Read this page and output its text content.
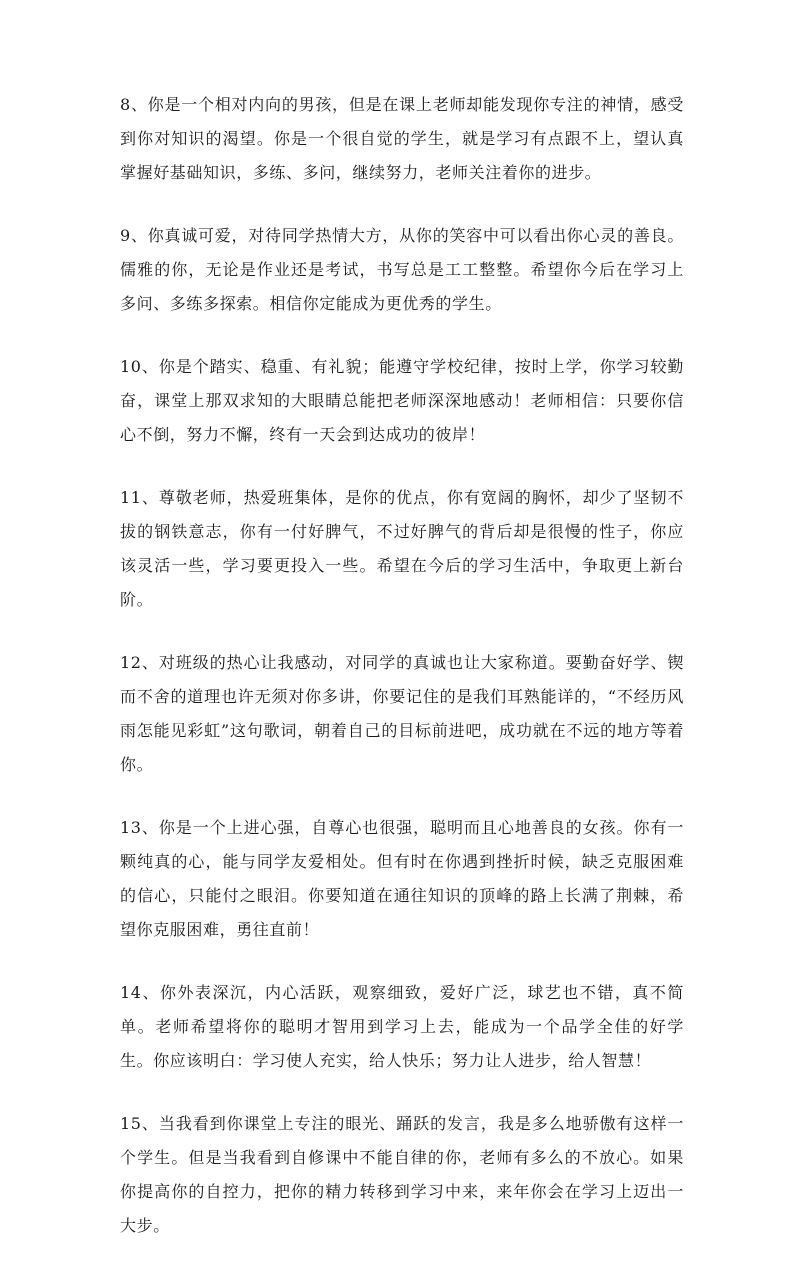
8、你是一个相对内向的男孩，但是在课上老师却能发现你专注的神情，感受到你对知识的渴望。你是一个很自觉的学生，就是学习有点跟不上，望认真掌握好基础知识，多练、多问，继续努力，老师关注着你的进步。

9、你真诚可爱，对待同学热情大方，从你的笑容中可以看出你心灵的善良。儒雅的你，无论是作业还是考试，书写总是工工整整。希望你今后在学习上多问、多练多探索。相信你定能成为更优秀的学生。

10、你是个踏实、稳重、有礼貌；能遵守学校纪律，按时上学，你学习较勤奋，课堂上那双求知的大眼睛总能把老师深深地感动！老师相信：只要你信心不倒，努力不懈，终有一天会到达成功的彼岸！

11、尊敬老师，热爱班集体，是你的优点，你有宽阔的胸怀，却少了坚韧不拔的钢铁意志，你有一付好脾气，不过好脾气的背后却是很慢的性子，你应该灵活一些，学习要更投入一些。希望在今后的学习生活中，争取更上新台阶。

12、对班级的热心让我感动，对同学的真诚也让大家称道。要勤奋好学、锲而不舍的道理也许无须对你多讲，你要记住的是我们耳熟能详的，“不经历风雨怎能见彩虹”这句歌词，朝着自己的目标前进吧，成功就在不远的地方等着你。

13、你是一个上进心强，自尊心也很强，聪明而且心地善良的女孩。你有一颗纯真的心，能与同学友爱相处。但有时在你遇到挫折时候，缺乏克服困难的信心，只能付之眼泪。你要知道在通往知识的顶峰的路上长满了荆棘，希望你克服困难，勇往直前！

14、你外表深沉，内心活跃，观察细致，爱好广泛，球艺也不错，真不简单。老师希望将你的聪明才智用到学习上去，能成为一个品学全佳的好学生。你应该明白：学习使人充实，给人快乐；努力让人进步，给人智慧！

15、当我看到你课堂上专注的眼光、踊跃的发言，我是多么地骄傲有这样一个学生。但是当我看到自修课中不能自律的你，老师有多么的不放心。如果你提高你的自控力，把你的精力转移到学习中来，来年你会在学习上迈出一大步。
